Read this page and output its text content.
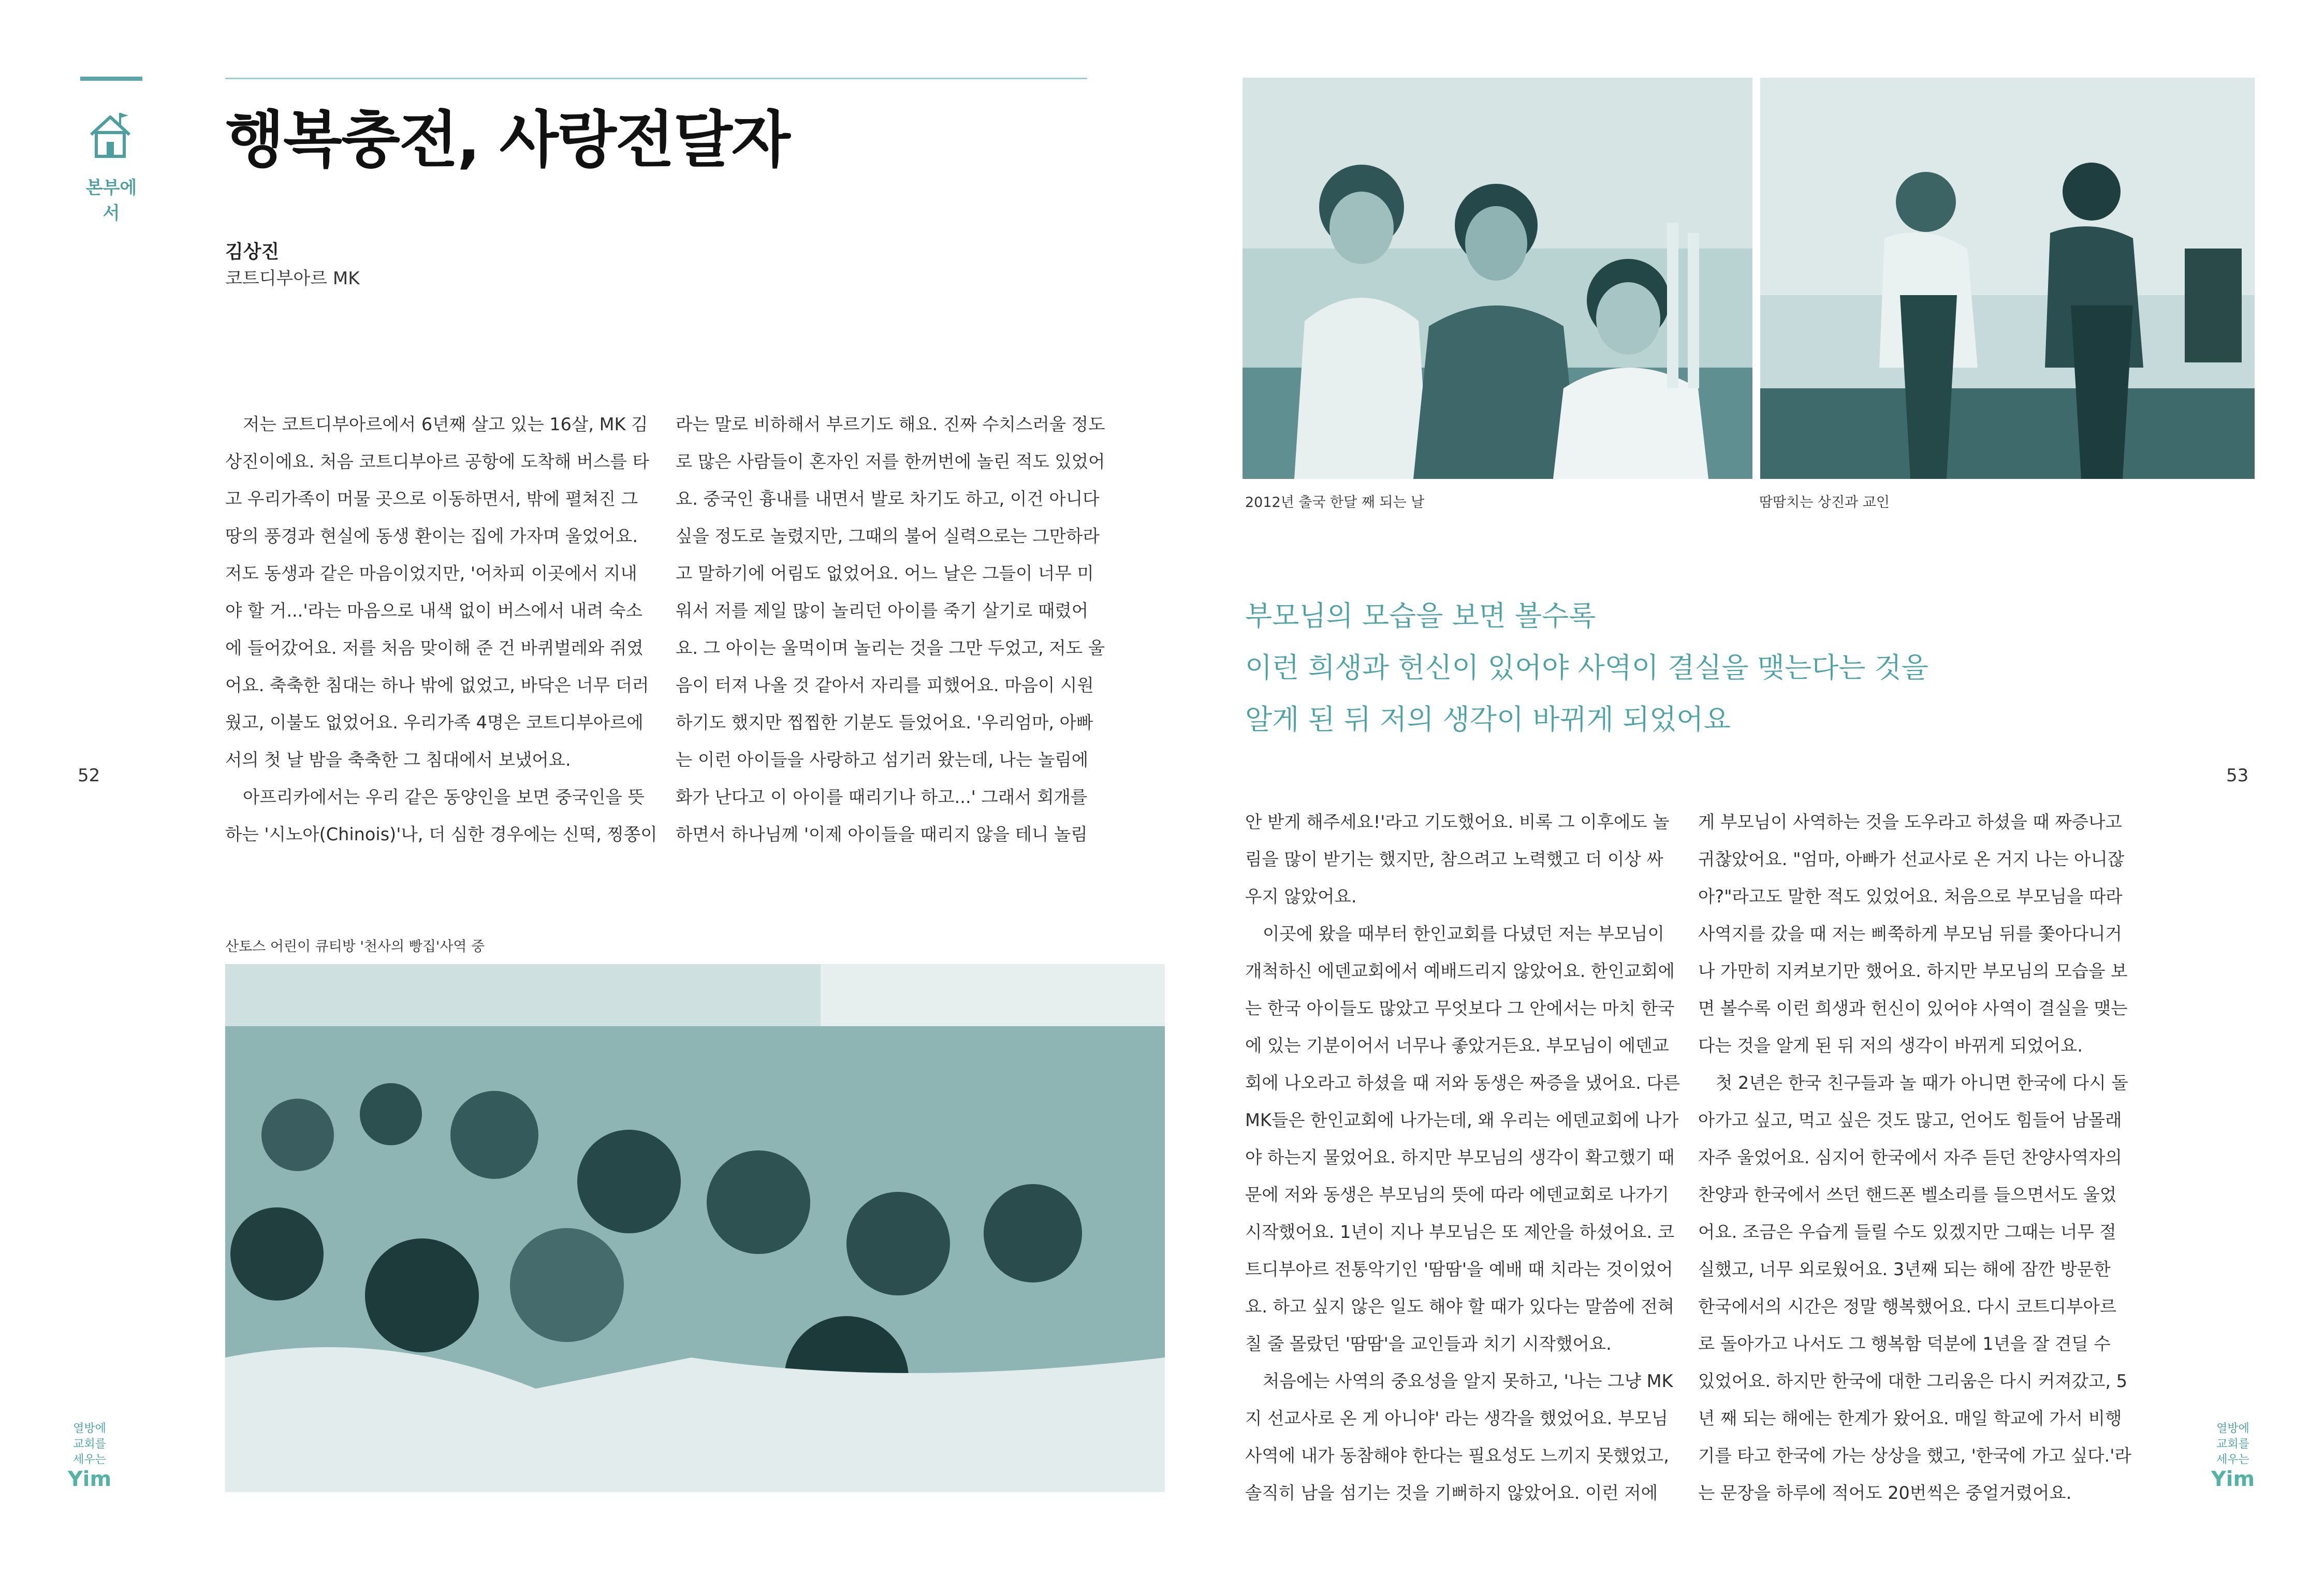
본부에서
행복충전, 사랑전달자
김상진
코트디부아르 MK
저는 코트디부아르에서 6년째 살고 있는 16살, MK 김
상진이에요. 처음 코트디부아르 공항에 도착해 버스를 타
고 우리가족이 머물 곳으로 이동하면서, 밖에 펼쳐진 그
땅의 풍경과 현실에 동생 환이는 집에 가자며 울었어요.
저도 동생과 같은 마음이었지만, '어차피 이곳에서 지내
야 할 거...'라는 마음으로 내색 없이 버스에서 내려 숙소
에 들어갔어요. 저를 처음 맞이해 준 건 바퀴벌레와 쥐였
어요. 축축한 침대는 하나 밖에 없었고, 바닥은 너무 더러
웠고, 이불도 없었어요. 우리가족 4명은 코트디부아르에
서의 첫 날 밤을 축축한 그 침대에서 보냈어요.
아프리카에서는 우리 같은 동양인을 보면 중국인을 뜻
하는 '시노아(Chinois)'나, 더 심한 경우에는 신떡, 찡쫑이
라는 말로 비하해서 부르기도 해요. 진짜 수치스러울 정도
로 많은 사람들이 혼자인 저를 한꺼번에 놀린 적도 있었어
요. 중국인 흉내를 내면서 발로 차기도 하고, 이건 아니다
싶을 정도로 놀렸지만, 그때의 불어 실력으로는 그만하라
고 말하기에 어림도 없었어요. 어느 날은 그들이 너무 미
워서 저를 제일 많이 놀리던 아이를 죽기 살기로 때렸어
요. 그 아이는 울먹이며 놀리는 것을 그만 두었고, 저도 울
음이 터져 나올 것 같아서 자리를 피했어요. 마음이 시원
하기도 했지만 찝찝한 기분도 들었어요. '우리엄마, 아빠
는 이런 아이들을 사랑하고 섬기러 왔는데, 나는 놀림에
화가 난다고 이 아이를 때리기나 하고...' 그래서 회개를
하면서 하나님께 '이제 아이들을 때리지 않을 테니 놀림
안 받게 해주세요!'라고 기도했어요. 비록 그 이후에도 놀
림을 많이 받기는 했지만, 참으려고 노력했고 더 이상 싸
우지 않았어요.
이곳에 왔을 때부터 한인교회를 다녔던 저는 부모님이
개척하신 에덴교회에서 예배드리지 않았어요. 한인교회에
는 한국 아이들도 많았고 무엇보다 그 안에서는 마치 한국
에 있는 기분이어서 너무나 좋았거든요. 부모님이 에덴교
회에 나오라고 하셨을 때 저와 동생은 짜증을 냈어요. 다른
MK들은 한인교회에 나가는데, 왜 우리는 에덴교회에 나가
야 하는지 물었어요. 하지만 부모님의 생각이 확고했기 때
문에 저와 동생은 부모님의 뜻에 따라 에덴교회로 나가기
시작했어요. 1년이 지나 부모님은 또 제안을 하셨어요. 코
트디부아르 전통악기인 '땀땀'을 예배 때 치라는 것이었어
요. 하고 싶지 않은 일도 해야 할 때가 있다는 말씀에 전혀
칠 줄 몰랐던 '땀땀'을 교인들과 치기 시작했어요.
처음에는 사역의 중요성을 알지 못하고, '나는 그냥 MK
지 선교사로 온 게 아니야' 라는 생각을 했었어요. 부모님
사역에 내가 동참해야 한다는 필요성도 느끼지 못했었고,
솔직히 남을 섬기는 것을 기뻐하지 않았어요. 이런 저에
게 부모님이 사역하는 것을 도우라고 하셨을 때 짜증나고
귀찮았어요. "엄마, 아빠가 선교사로 온 거지 나는 아니잖
아?"라고도 말한 적도 있었어요. 처음으로 부모님을 따라
사역지를 갔을 때 저는 삐쭉하게 부모님 뒤를 쫓아다니거
나 가만히 지켜보기만 했어요. 하지만 부모님의 모습을 보
면 볼수록 이런 희생과 헌신이 있어야 사역이 결실을 맺는
다는 것을 알게 된 뒤 저의 생각이 바뀌게 되었어요.
첫 2년은 한국 친구들과 놀 때가 아니면 한국에 다시 돌
아가고 싶고, 먹고 싶은 것도 많고, 언어도 힘들어 남몰래
자주 울었어요. 심지어 한국에서 자주 듣던 찬양사역자의
찬양과 한국에서 쓰던 핸드폰 벨소리를 들으면서도 울었
어요. 조금은 우습게 들릴 수도 있겠지만 그때는 너무 절
실했고, 너무 외로웠어요. 3년째 되는 해에 잠깐 방문한
한국에서의 시간은 정말 행복했어요. 다시 코트디부아르
로 돌아가고 나서도 그 행복함 덕분에 1년을 잘 견딜 수
있었어요. 하지만 한국에 대한 그리움은 다시 커져갔고, 5
년 째 되는 해에는 한계가 왔어요. 매일 학교에 가서 비행
기를 타고 한국에 가는 상상을 했고, '한국에 가고 싶다.'라
는 문장을 하루에 적어도 20번씩은 중얼거렸어요.
52	53
2012년 출국 한달 째 되는 날	땀땀치는 상진과 교인
산토스 어린이 큐티방 '천사의 빵집'사역 중
부모님의 모습을 보면 볼수록
이런 희생과 헌신이 있어야 사역이 결실을 맺는다는 것을
알게 된 뒤 저의 생각이 바뀌게 되었어요
열방에
교회를
세우는
Yim
열방에
교회를
세우는
Yim
